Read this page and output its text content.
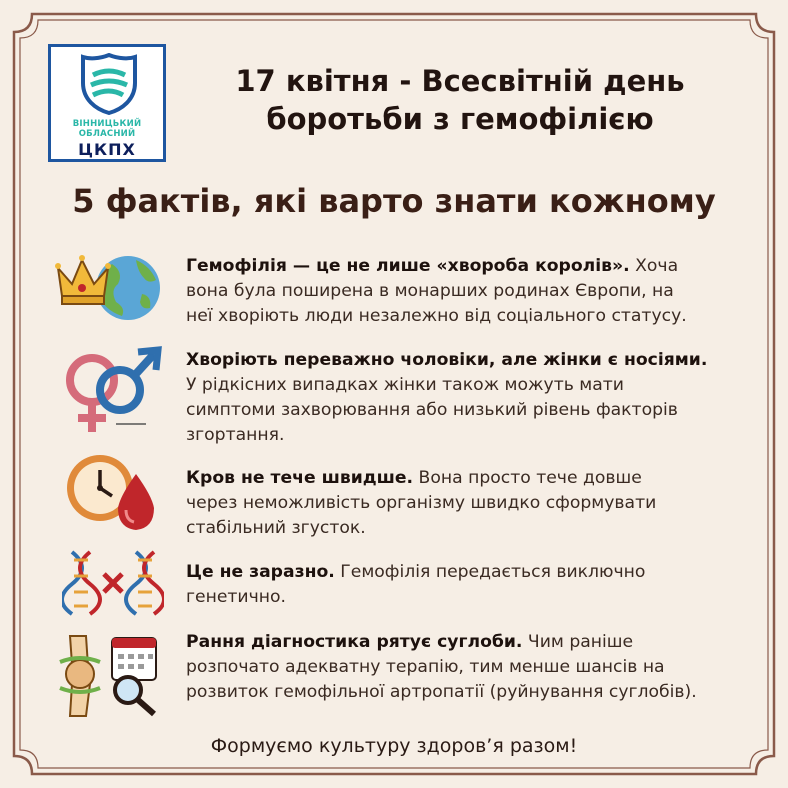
ВІННИЦЬКИЙ
ОБЛАСНИЙ
ЦКПХ
17 квітня - Всесвітній день
боротьби з гемофілією
5 фактів, які варто знати кожному
Гемофілія — це не лише «хвороба королів». Хоча
вона була поширена в монарших родинах Європи, на
неї хворіють люди незалежно від соціального статусу.
Хворіють переважно чоловіки, але жінки є носіями.
У рідкісних випадках жінки також можуть мати
симптоми захворювання або низький рівень факторів
згортання.
Кров не тече швидше. Вона просто тече довше
через неможливість організму швидко сформувати
стабільний згусток.
Це не заразно. Гемофілія передається виключно
генетично.
Рання діагностика рятує суглоби. Чим раніше
розпочато адекватну терапію, тим менше шансів на
розвиток гемофільної артропатії (руйнування суглобів).
Формуємо культуру здоров’я разом!
